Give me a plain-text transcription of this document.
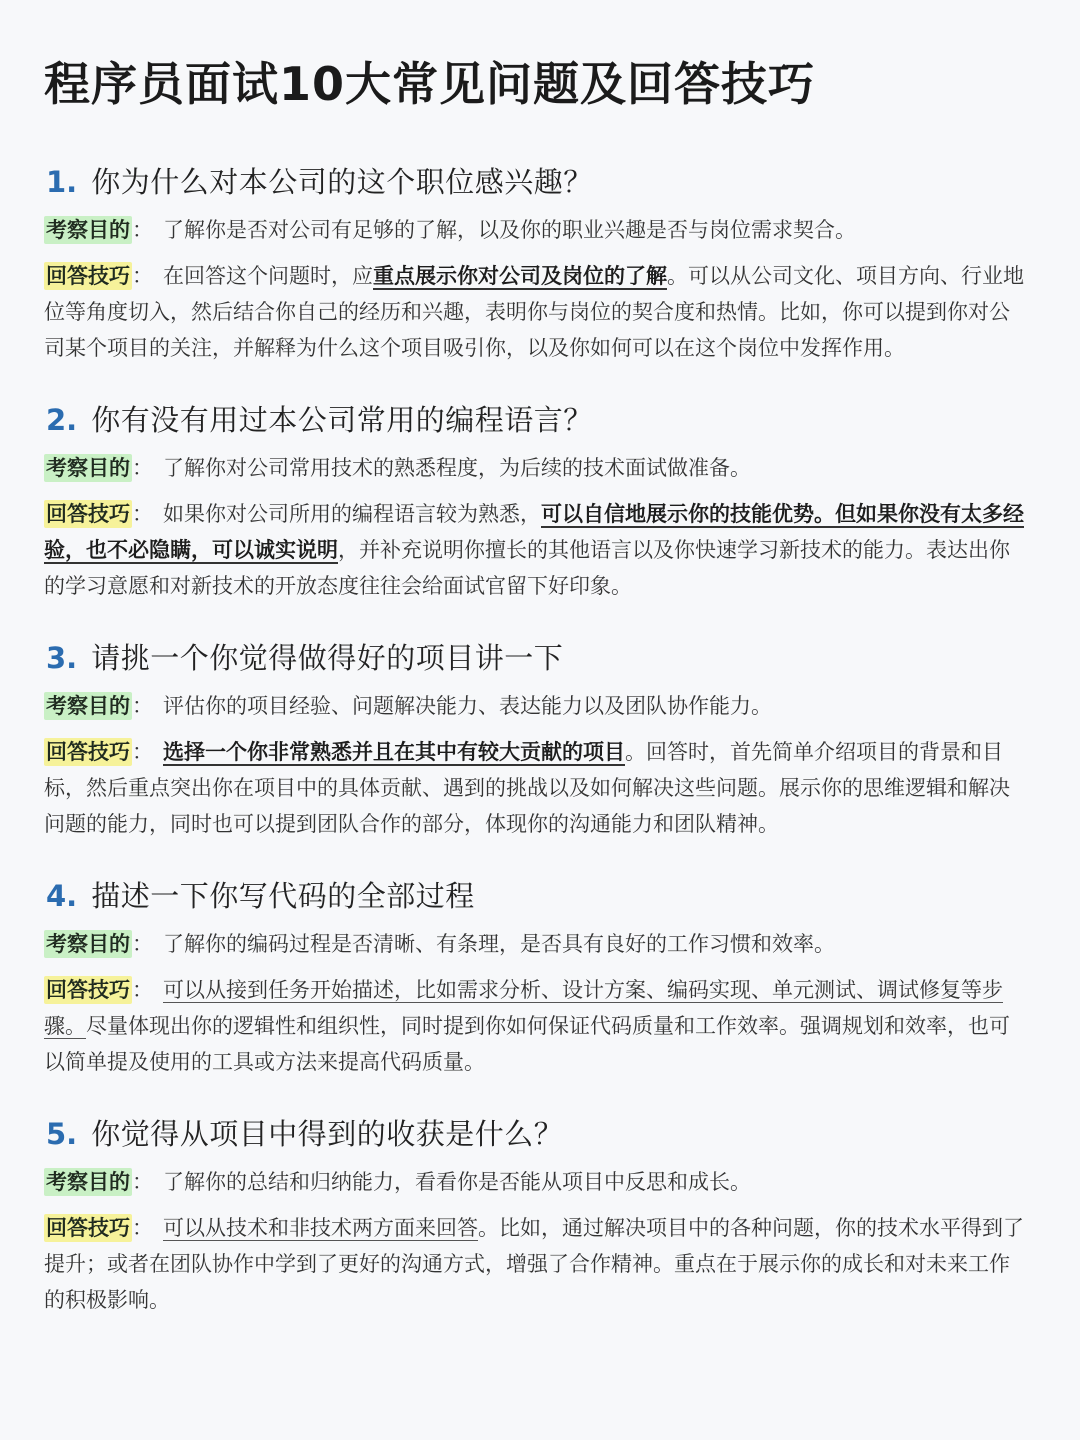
程序员面试10大常见问题及回答技巧
1. 你为什么对本公司的这个职位感兴趣？

考察目的： 了解你是否对公司有足够的了解，以及你的职业兴趣是否与岗位需求契合。

回答技巧： 在回答这个问题时，应重点展示你对公司及岗位的了解。可以从公司文化、项目方向、行业地位等角度切入，然后结合你自己的经历和兴趣，表明你与岗位的契合度和热情。比如，你可以提到你对公司某个项目的关注，并解释为什么这个项目吸引你，以及你如何可以在这个岗位中发挥作用。

2. 你有没有用过本公司常用的编程语言？

考察目的： 了解你对公司常用技术的熟悉程度，为后续的技术面试做准备。

回答技巧： 如果你对公司所用的编程语言较为熟悉，可以自信地展示你的技能优势。但如果你没有太多经验，也不必隐瞒，可以诚实说明，并补充说明你擅长的其他语言以及你快速学习新技术的能力。表达出你的学习意愿和对新技术的开放态度往往会给面试官留下好印象。

3. 请挑一个你觉得做得好的项目讲一下

考察目的： 评估你的项目经验、问题解决能力、表达能力以及团队协作能力。

回答技巧： 选择一个你非常熟悉并且在其中有较大贡献的项目。回答时，首先简单介绍项目的背景和目标，然后重点突出你在项目中的具体贡献、遇到的挑战以及如何解决这些问题。展示你的思维逻辑和解决问题的能力，同时也可以提到团队合作的部分，体现你的沟通能力和团队精神。

4. 描述一下你写代码的全部过程

考察目的： 了解你的编码过程是否清晰、有条理，是否具有良好的工作习惯和效率。

回答技巧： 可以从接到任务开始描述，比如需求分析、设计方案、编码实现、单元测试、调试修复等步骤。尽量体现出你的逻辑性和组织性，同时提到你如何保证代码质量和工作效率。强调规划和效率，也可以简单提及使用的工具或方法来提高代码质量。

5. 你觉得从项目中得到的收获是什么？

考察目的： 了解你的总结和归纳能力，看看你是否能从项目中反思和成长。

回答技巧： 可以从技术和非技术两方面来回答。比如，通过解决项目中的各种问题，你的技术水平得到了提升；或者在团队协作中学到了更好的沟通方式，增强了合作精神。重点在于展示你的成长和对未来工作的积极影响。
